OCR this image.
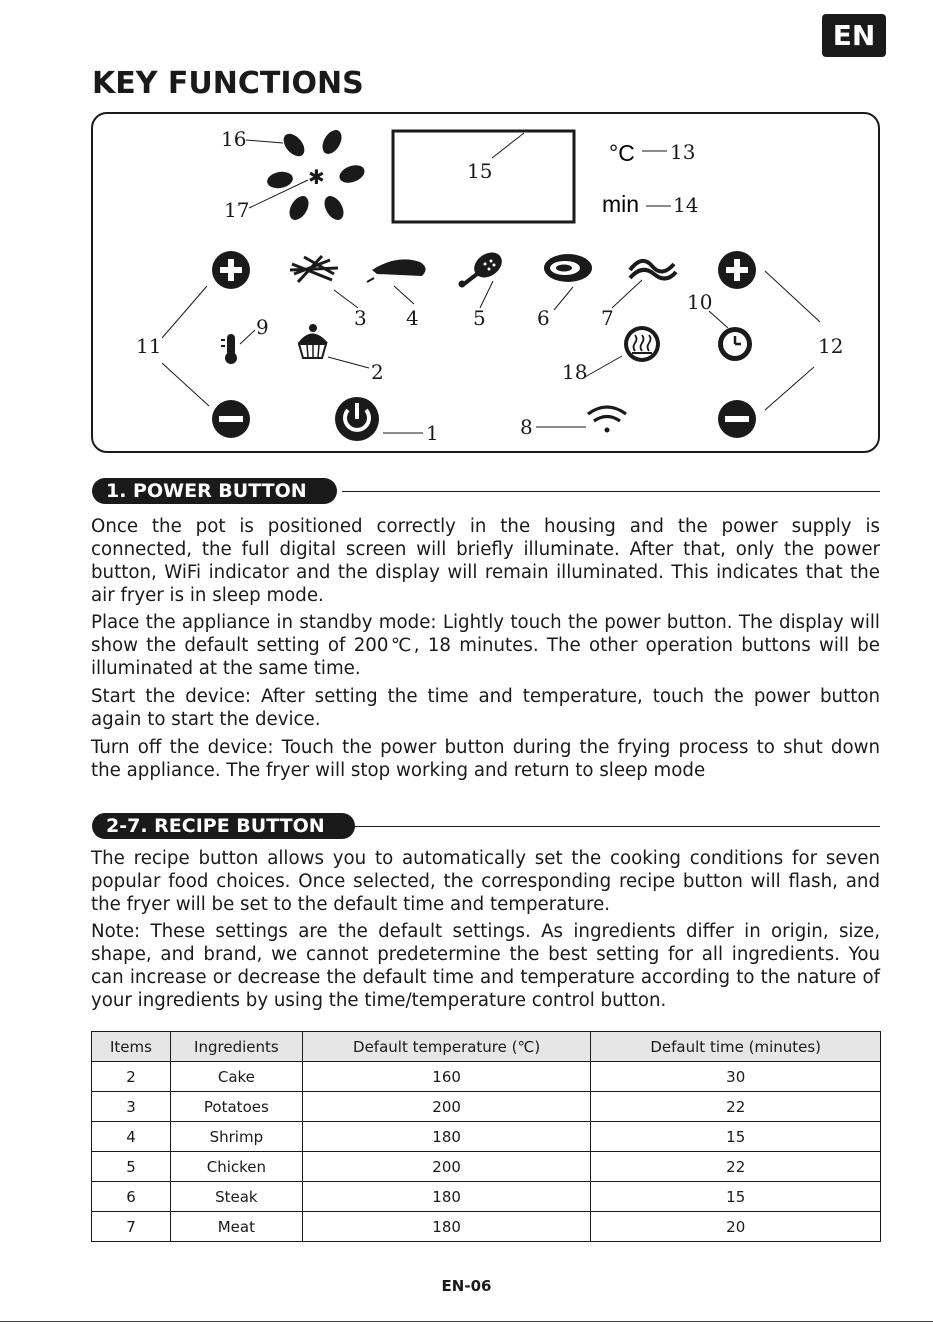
EN
KEY FUNCTIONS
✱
°C
min
1
2
3 4	5	6	7
8
9
10
11	12
13
14
15
16
17
18
1. POWER BUTTON

Once the pot is positioned correctly in the housing and the power supply is connected, the full digital screen will briefly illuminate. After that, only the power button, WiFi indicator and the display will remain illuminated. This indicates that the air fryer is in sleep mode.

Place the appliance in standby mode: Lightly touch the power button. The display will show the default setting of 200℃, 18 minutes. The other operation buttons will be illuminated at the same time.

Start the device: After setting the time and temperature, touch the power button again to start the device.

Turn off the device: Touch the power button during the frying process to shut down the appliance. The fryer will stop working and return to sleep mode

2-7. RECIPE BUTTON

The recipe button allows you to automatically set the cooking conditions for seven popular food choices. Once selected, the corresponding recipe button will flash, and the fryer will be set to the default time and temperature.

Note: These settings are the default settings. As ingredients differ in origin, size, shape, and brand, we cannot predetermine the best setting for all ingredients. You can increase or decrease the default time and temperature according to the nature of your ingredients by using the time/temperature control button.

Items	Ingredients	Default temperature (℃)	Default time (minutes)
2	Cake	160	30
3	Potatoes	200	22
4	Shrimp	180	15
5	Chicken	200	22
6	Steak	180	15
7	Meat	180	20
EN-06
